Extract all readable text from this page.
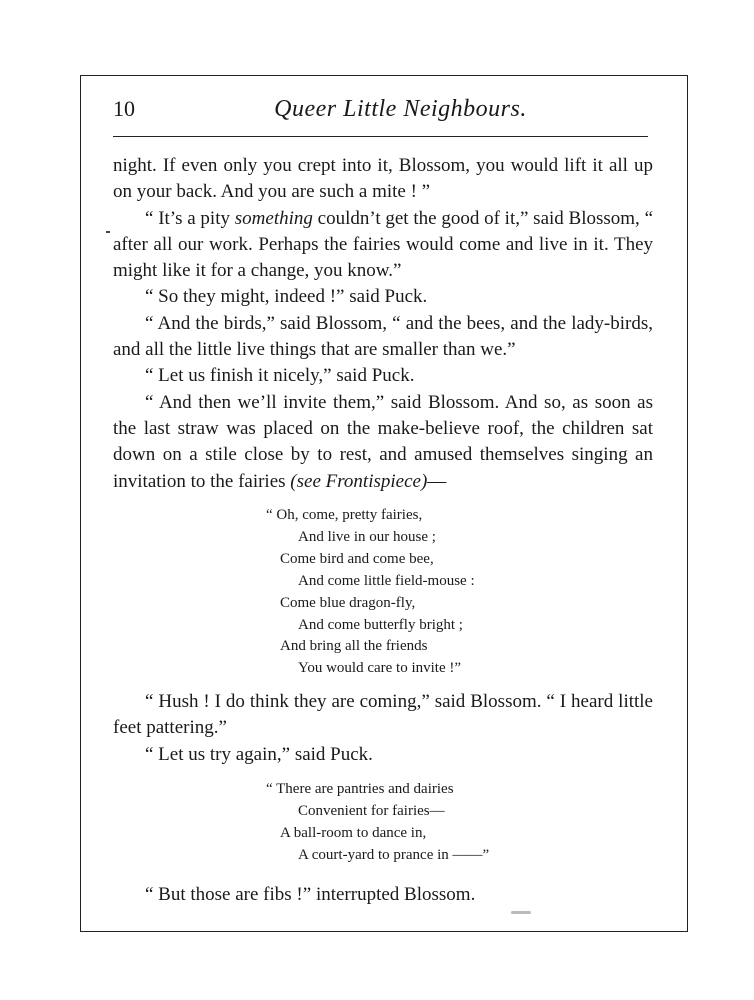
10	Queer Little Neighbours.

night. If even only you crept into it, Blossom, you would lift it all up on your back. And you are such a mite ! ”

“ It’s a pity something couldn’t get the good of it,” said Blossom, “ after all our work. Perhaps the fairies would come and live in it. They might like it for a change, you know.”

“ So they might, indeed !” said Puck.

“ And the birds,” said Blossom, “ and the bees, and the lady-birds, and all the little live things that are smaller than we.”

“ Let us finish it nicely,” said Puck.

“ And then we’ll invite them,” said Blossom. And so, as soon as the last straw was placed on the make-believe roof, the children sat down on a stile close by to rest, and amused themselves singing an invitation to the fairies (see Frontispiece)—

“ Oh, come, pretty fairies,
And live in our house ;
Come bird and come bee,
And come little field-mouse :
Come blue dragon-fly,
And come butterfly bright ;
And bring all the friends
You would care to invite !”

“ Hush ! I do think they are coming,” said Blossom. “ I heard little feet pattering.”

“ Let us try again,” said Puck.

“ There are pantries and dairies
Convenient for fairies—
A ball-room to dance in,
A court-yard to prance in ——”

“ But those are fibs !” interrupted Blossom.
